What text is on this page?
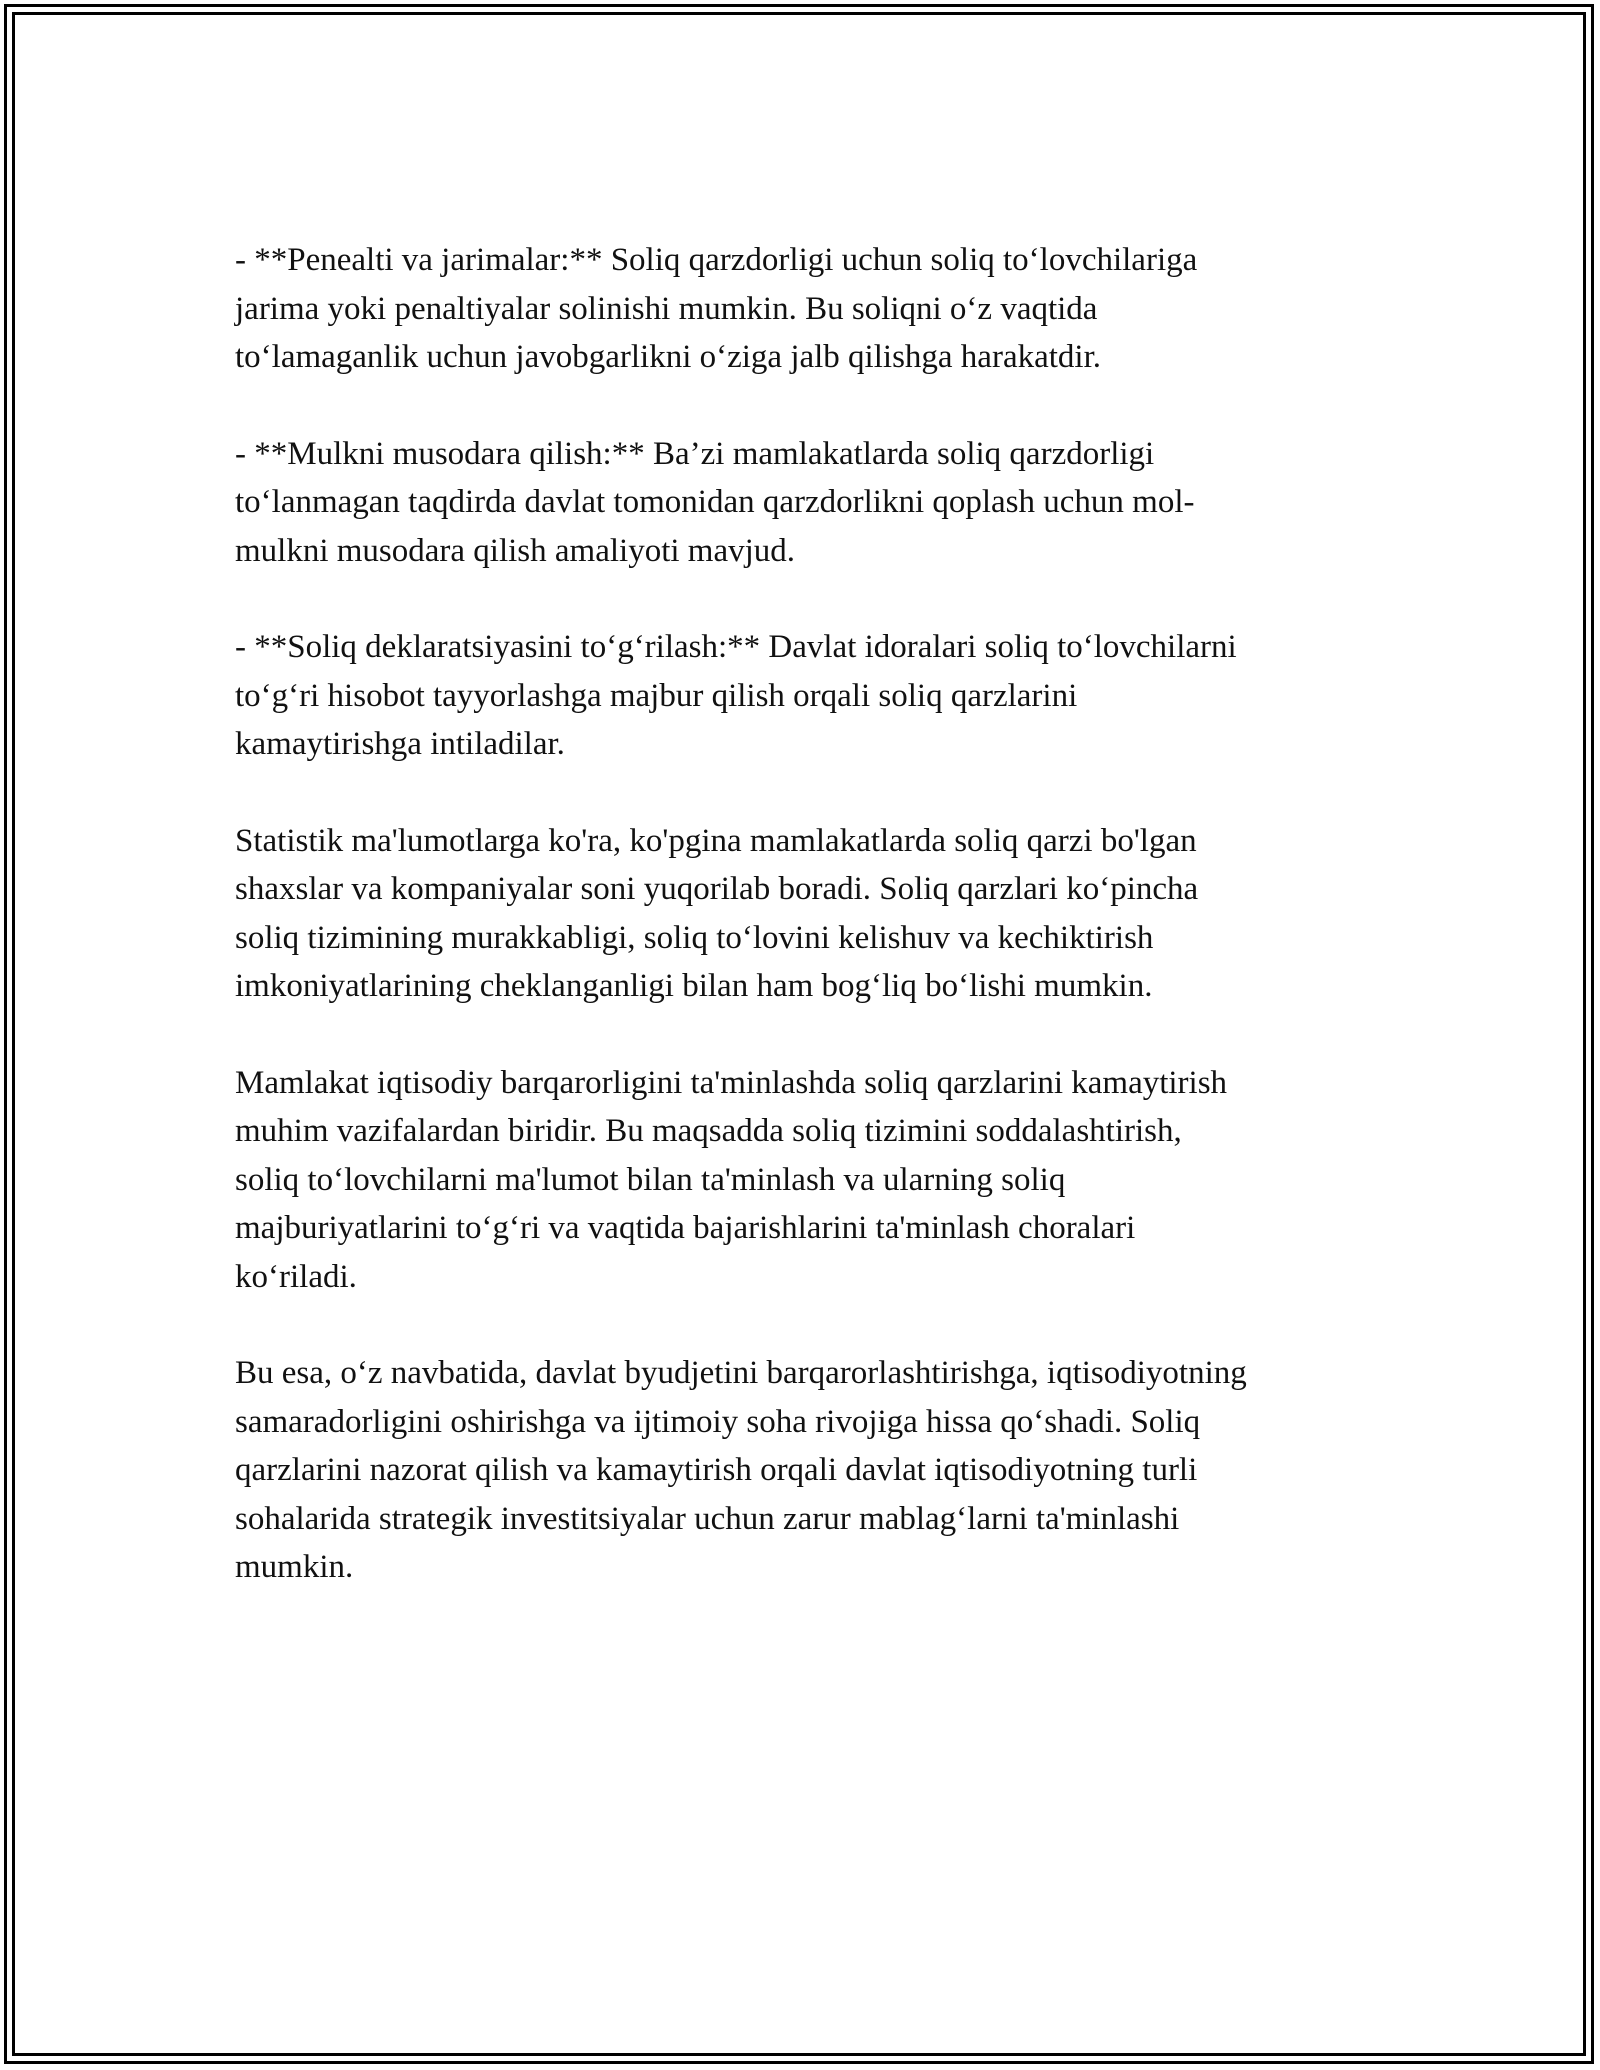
- **Penealti va jarimalar:** Soliq qarzdorligi uchun soliq to‘lovchilariga
jarima yoki penaltiyalar solinishi mumkin. Bu soliqni o‘z vaqtida
to‘lamaganlik uchun javobgarlikni o‘ziga jalb qilishga harakatdir.

- **Mulkni musodara qilish:** Ba’zi mamlakatlarda soliq qarzdorligi
to‘lanmagan taqdirda davlat tomonidan qarzdorlikni qoplash uchun mol-
mulkni musodara qilish amaliyoti mavjud.

- **Soliq deklaratsiyasini to‘g‘rilash:** Davlat idoralari soliq to‘lovchilarni
to‘g‘ri hisobot tayyorlashga majbur qilish orqali soliq qarzlarini
kamaytirishga intiladilar.

Statistik ma'lumotlarga ko'ra, ko'pgina mamlakatlarda soliq qarzi bo'lgan
shaxslar va kompaniyalar soni yuqorilab boradi. Soliq qarzlari ko‘pincha
soliq tizimining murakkabligi, soliq to‘lovini kelishuv va kechiktirish
imkoniyatlarining cheklanganligi bilan ham bog‘liq bo‘lishi mumkin.

Mamlakat iqtisodiy barqarorligini ta'minlashda soliq qarzlarini kamaytirish
muhim vazifalardan biridir. Bu maqsadda soliq tizimini soddalashtirish,
soliq to‘lovchilarni ma'lumot bilan ta'minlash va ularning soliq
majburiyatlarini to‘g‘ri va vaqtida bajarishlarini ta'minlash choralari
ko‘riladi.

Bu esa, o‘z navbatida, davlat byudjetini barqarorlashtirishga, iqtisodiyotning
samaradorligini oshirishga va ijtimoiy soha rivojiga hissa qo‘shadi. Soliq
qarzlarini nazorat qilish va kamaytirish orqali davlat iqtisodiyotning turli
sohalarida strategik investitsiyalar uchun zarur mablag‘larni ta'minlashi
mumkin.
